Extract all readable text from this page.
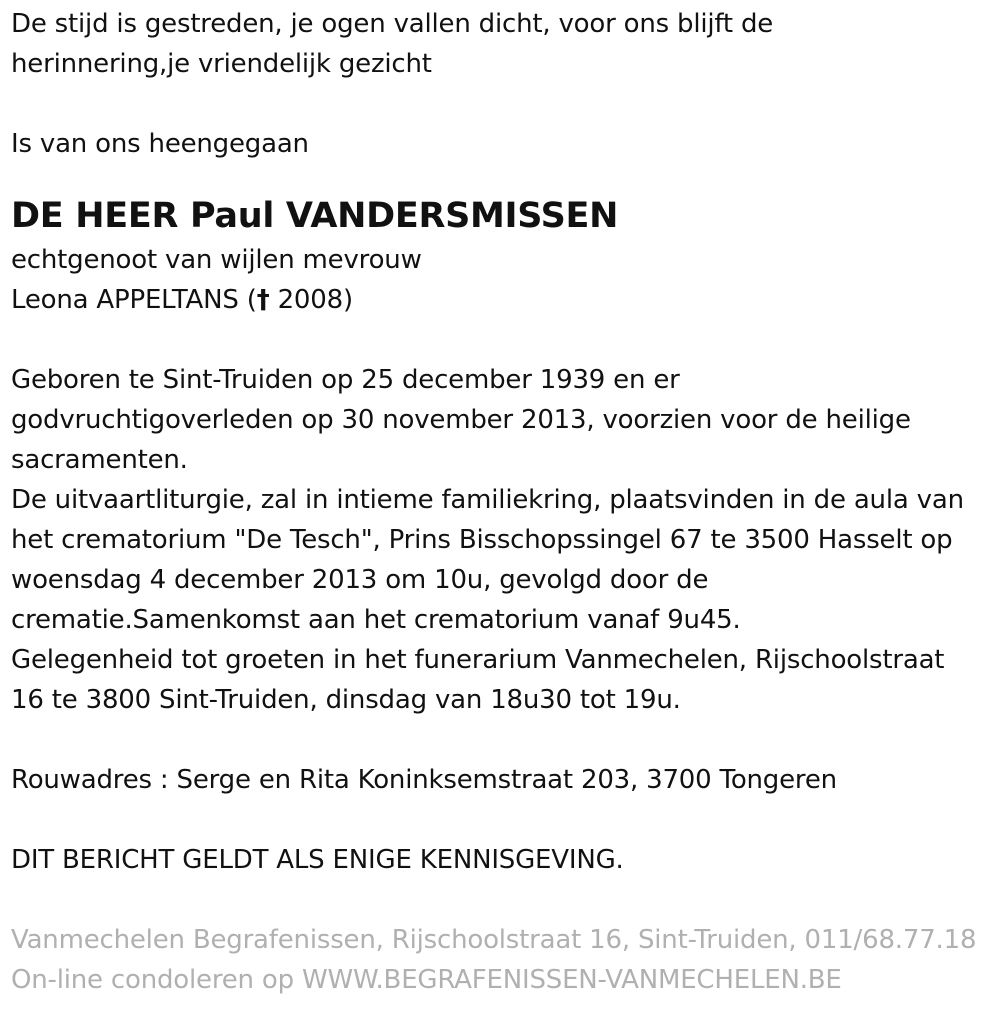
De stijd is gestreden, je ogen vallen dicht, voor ons blijft de

herinnering,je vriendelijk gezicht

Is van ons heengegaan

DE HEER Paul VANDERSMISSEN

echtgenoot van wijlen mevrouw

Leona APPELTANS († 2008)

Geboren te Sint-Truiden op 25 december 1939 en er

godvruchtigoverleden op 30 november 2013, voorzien voor de heilige

sacramenten.

De uitvaartliturgie, zal in intieme familiekring, plaatsvinden in de aula van

het crematorium "De Tesch", Prins Bisschopssingel 67 te 3500 Hasselt op

woensdag 4 december 2013 om 10u, gevolgd door de

crematie.Samenkomst aan het crematorium vanaf 9u45.

Gelegenheid tot groeten in het funerarium Vanmechelen, Rijschoolstraat

16 te 3800 Sint-Truiden, dinsdag van 18u30 tot 19u.

Rouwadres : Serge en Rita Koninksemstraat 203, 3700 Tongeren

DIT BERICHT GELDT ALS ENIGE KENNISGEVING.

Vanmechelen Begrafenissen, Rijschoolstraat 16, Sint-Truiden, 011/68.77.18

On-line condoleren op WWW.BEGRAFENISSEN-VANMECHELEN.BE
